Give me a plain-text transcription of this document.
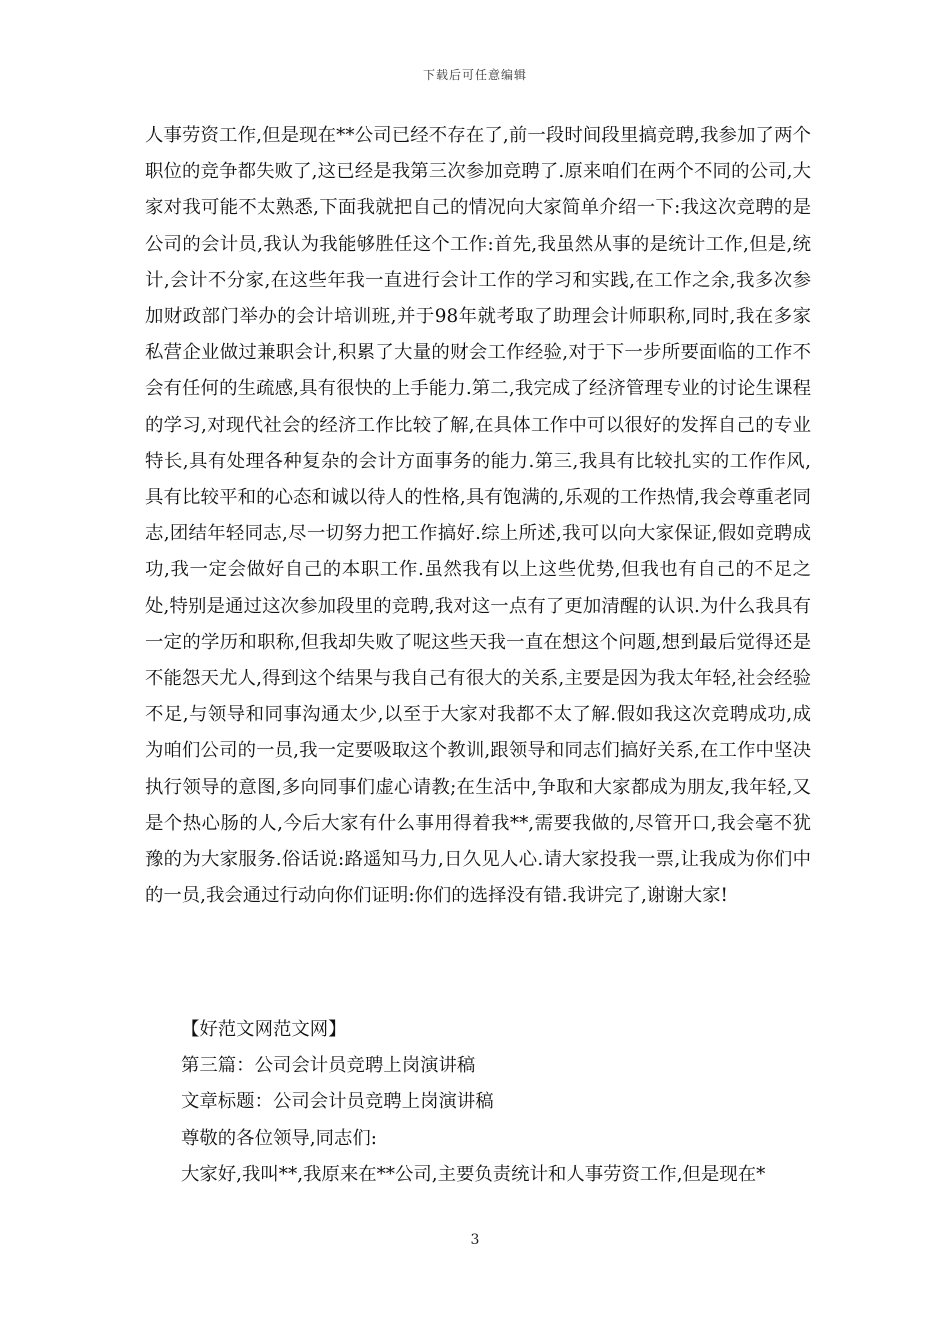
下载后可任意编辑
人事劳资工作,但是现在**公司已经不存在了,前一段时间段里搞竞聘,我参加了两个职位的竞争都失败了,这已经是我第三次参加竞聘了.原来咱们在两个不同的公司,大家对我可能不太熟悉,下面我就把自己的情况向大家简单介绍一下:我这次竞聘的是公司的会计员,我认为我能够胜任这个工作:首先,我虽然从事的是统计工作,但是,统计,会计不分家,在这些年我一直进行会计工作的学习和实践,在工作之余,我多次参加财政部门举办的会计培训班,并于98年就考取了助理会计师职称,同时,我在多家私营企业做过兼职会计,积累了大量的财会工作经验,对于下一步所要面临的工作不会有任何的生疏感,具有很快的上手能力.第二,我完成了经济管理专业的讨论生课程的学习,对现代社会的经济工作比较了解,在具体工作中可以很好的发挥自己的专业特长,具有处理各种复杂的会计方面事务的能力.第三,我具有比较扎实的工作作风,具有比较平和的心态和诚以待人的性格,具有饱满的,乐观的工作热情,我会尊重老同志,团结年轻同志,尽一切努力把工作搞好.综上所述,我可以向大家保证,假如竞聘成功,我一定会做好自己的本职工作.虽然我有以上这些优势,但我也有自己的不足之处,特别是通过这次参加段里的竞聘,我对这一点有了更加清醒的认识.为什么我具有一定的学历和职称,但我却失败了呢这些天我一直在想这个问题,想到最后觉得还是不能怨天尤人,得到这个结果与我自己有很大的关系,主要是因为我太年轻,社会经验不足,与领导和同事沟通太少,以至于大家对我都不太了解.假如我这次竞聘成功,成为咱们公司的一员,我一定要吸取这个教训,跟领导和同志们搞好关系,在工作中坚决执行领导的意图,多向同事们虚心请教;在生活中,争取和大家都成为朋友,我年轻,又是个热心肠的人,今后大家有什么事用得着我**,需要我做的,尽管开口,我会毫不犹豫的为大家服务.俗话说:路遥知马力,日久见人心.请大家投我一票,让我成为你们中的一员,我会通过行动向你们证明:你们的选择没有错.我讲完了,谢谢大家!
【好范文网范文网】
第三篇：公司会计员竞聘上岗演讲稿
文章标题：公司会计员竞聘上岗演讲稿
尊敬的各位领导,同志们:
大家好,我叫**,我原来在**公司,主要负责统计和人事劳资工作,但是现在*
3
